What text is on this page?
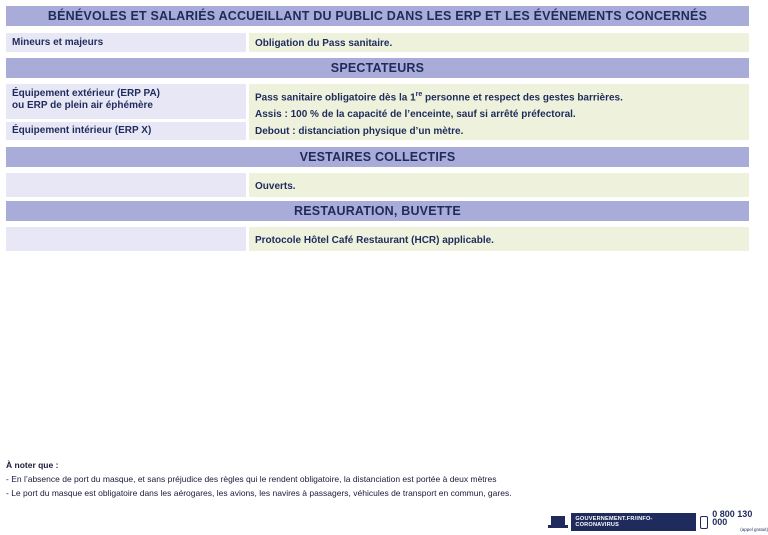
BÉNÉVOLES ET SALARIÉS ACCUEILLANT DU PUBLIC DANS LES ERP ET LES ÉVÉNEMENTS CONCERNÉS

Mineurs et majeurs	Obligation du Pass sanitaire.

SPECTATEURS

Équipement extérieur (ERP PA)

ou ERP de plein air éphémère

Pass sanitaire obligatoire dès la 1re personne et respect des gestes barrières.

Assis : 100 % de la capacité de l’enceinte, sauf si arrêté préfectoral.

Debout : distanciation physique d’un mètre.

Équipement intérieur (ERP X)

VESTAIRES COLLECTIFS

Ouverts.

RESTAURATION, BUVETTE

Protocole Hôtel Café Restaurant (HCR) applicable.

À noter que :

- En l’absence de port du masque, et sans préjudice des règles qui le rendent obligatoire, la distanciation est portée à deux mètres

- Le port du masque est obligatoire dans les aérogares, les avions, les navires à passagers, véhicules de transport en commun, gares.

GOUVERNEMENT.FR/INFO-CORONAVIRUS
0 800 130 000
(appel gratuit)
